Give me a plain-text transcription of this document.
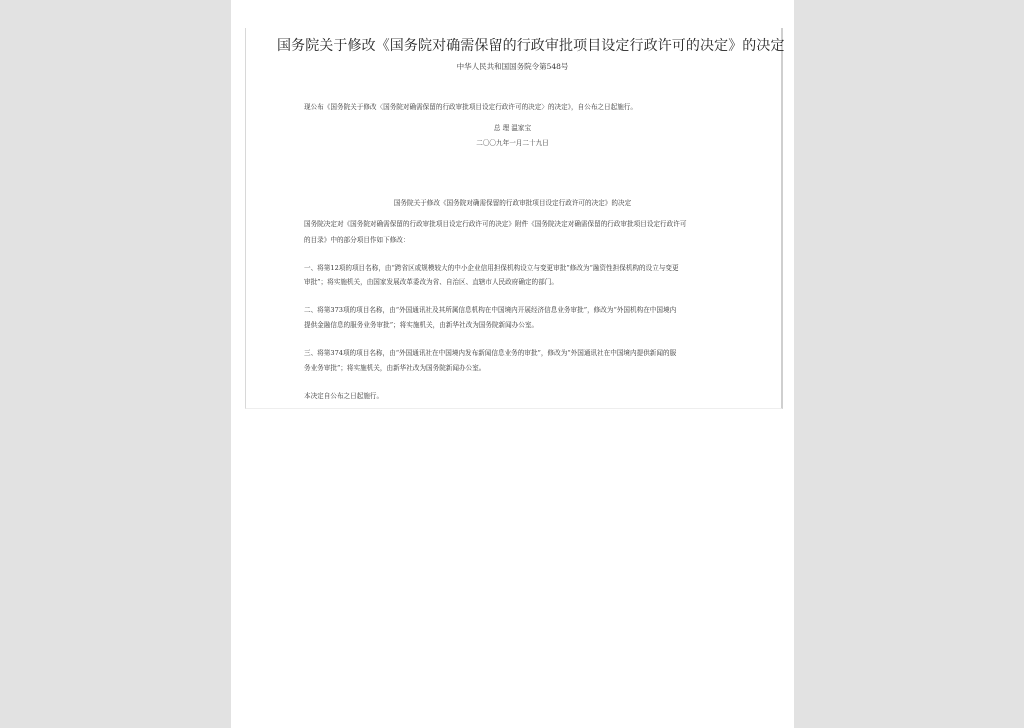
国务院关于修改《国务院对确需保留的行政审批项目设定行政许可的决定》的决定
中华人民共和国国务院令第548号
现公布《国务院关于修改〈国务院对确需保留的行政审批项目设定行政许可的决定〉的决定》，自公布之日起施行。
总 理 温家宝
二〇〇九年一月二十九日
国务院关于修改《国务院对确需保留的行政审批项目设定行政许可的决定》的决定
国务院决定对《国务院对确需保留的行政审批项目设定行政许可的决定》附件《国务院决定对确需保留的行政审批项目设定行政许可
的目录》中的部分项目作如下修改：
一、将第12项的项目名称，由“跨省区或规模较大的中小企业信用担保机构设立与变更审批”修改为“融资性担保机构的设立与变更
审批”；将实施机关，由国家发展改革委改为省、自治区、直辖市人民政府确定的部门。
二、将第373项的项目名称，由“外国通讯社及其所属信息机构在中国境内开展经济信息业务审批”，修改为“外国机构在中国境内
提供金融信息的服务业务审批”；将实施机关，由新华社改为国务院新闻办公室。
三、将第374项的项目名称，由“外国通讯社在中国境内发布新闻信息业务的审批”，修改为“外国通讯社在中国境内提供新闻的服
务业务审批”；将实施机关，由新华社改为国务院新闻办公室。
本决定自公布之日起施行。
